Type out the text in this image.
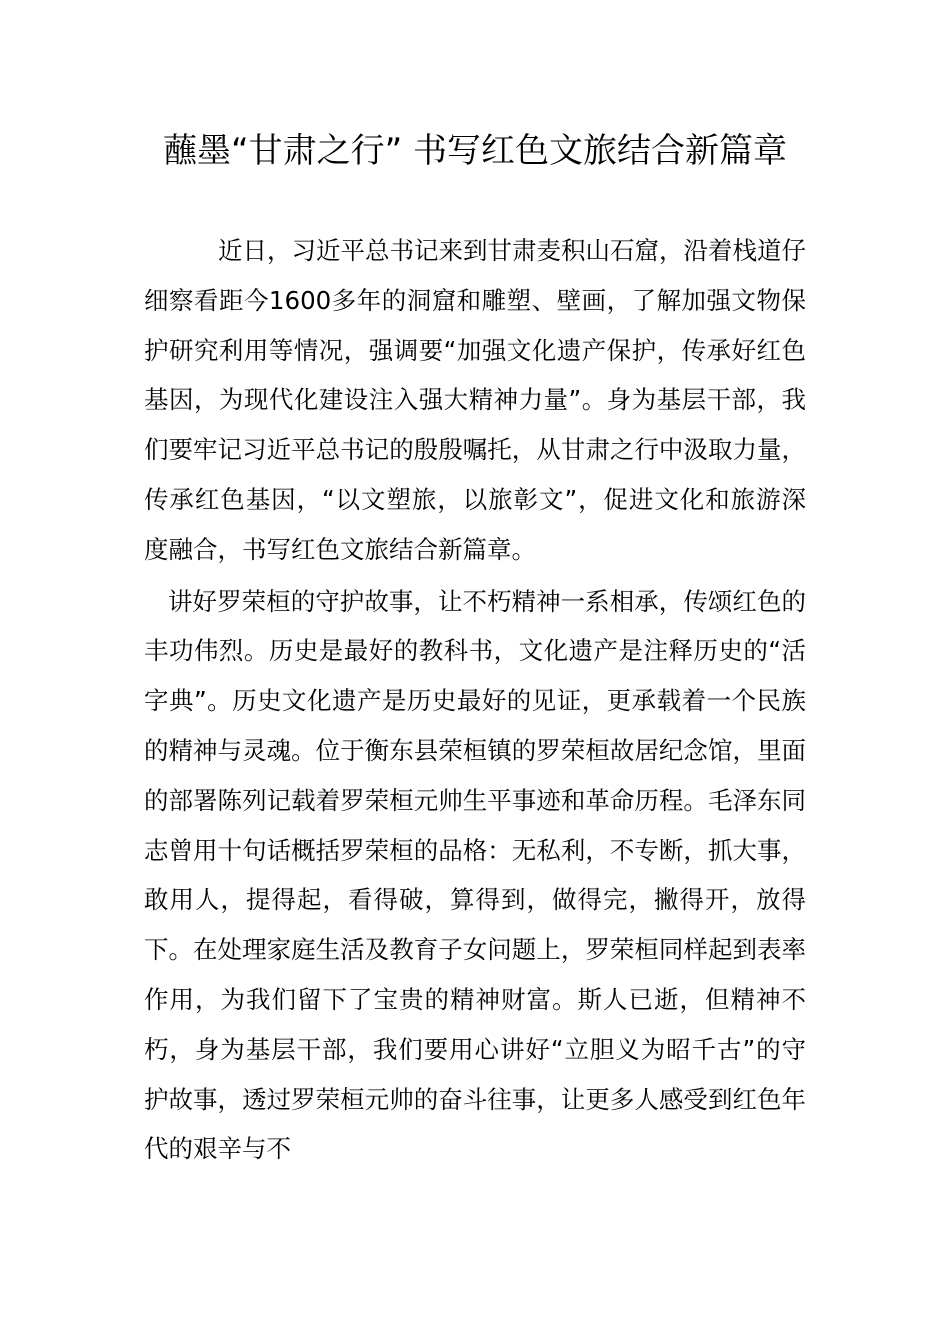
蘸墨“甘肃之行” 书写红色文旅结合新篇章

近日，习近平总书记来到甘肃麦积山石窟，沿着栈道仔细察看距今1600多年的洞窟和雕塑、壁画，了解加强文物保护研究利用等情况，强调要“加强文化遗产保护，传承好红色基因，为现代化建设注入强大精神力量”。身为基层干部，我们要牢记习近平总书记的殷殷嘱托，从甘肃之行中汲取力量，传承红色基因，“以文塑旅，以旅彰文”，促进文化和旅游深度融合，书写红色文旅结合新篇章。

讲好罗荣桓的守护故事，让不朽精神一系相承，传颂红色的丰功伟烈。历史是最好的教科书，文化遗产是注释历史的“活字典”。历史文化遗产是历史最好的见证，更承载着一个民族的精神与灵魂。位于衡东县荣桓镇的罗荣桓故居纪念馆，里面的部署陈列记载着罗荣桓元帅生平事迹和革命历程。毛泽东同志曾用十句话概括罗荣桓的品格：无私利，不专断，抓大事，敢用人，提得起，看得破，算得到，做得完，撇得开，放得下。在处理家庭生活及教育子女问题上，罗荣桓同样起到表率作用，为我们留下了宝贵的精神财富。斯人已逝，但精神不朽，身为基层干部，我们要用心讲好“立胆义为昭千古”的守护故事，透过罗荣桓元帅的奋斗往事，让更多人感受到红色年代的艰辛与不
